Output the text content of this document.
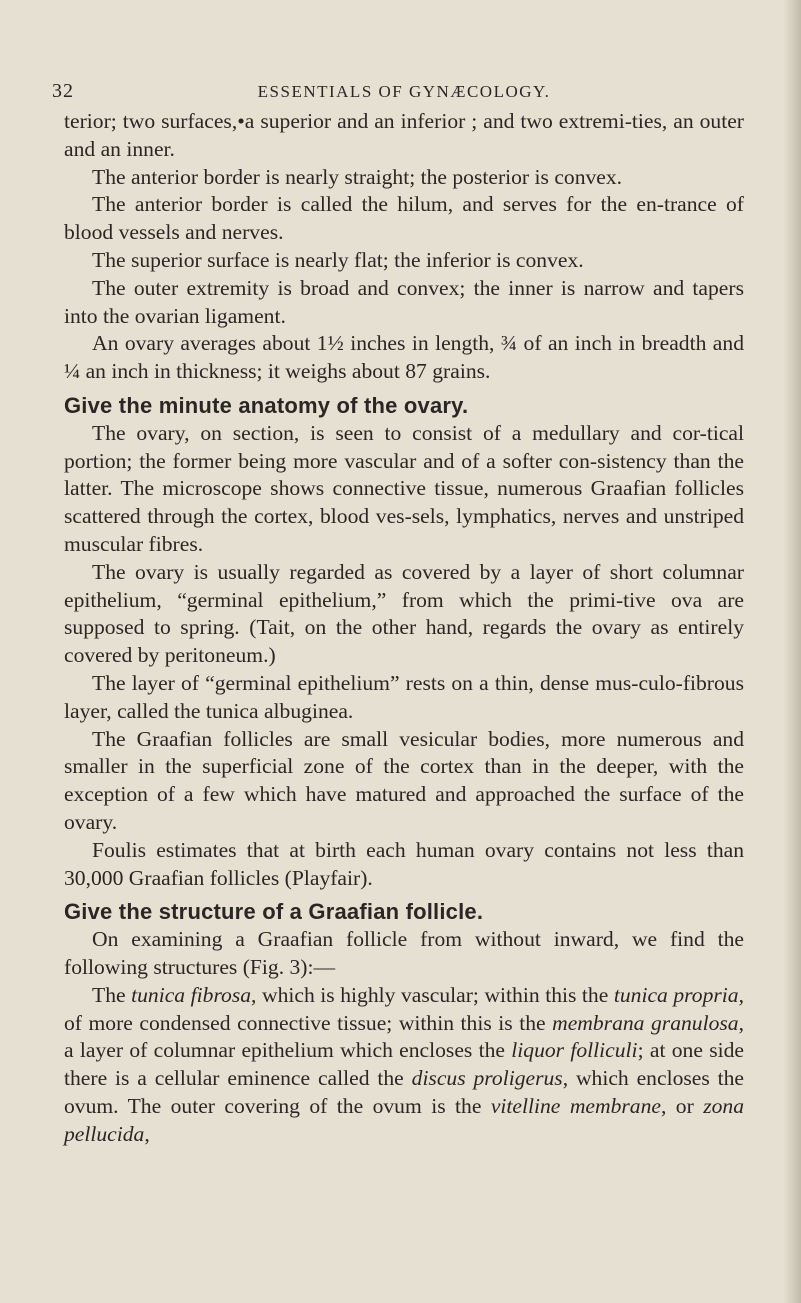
32	ESSENTIALS OF GYNÆCOLOGY.

terior; two surfaces,•a superior and an inferior ; and two extremi-ties, an outer and an inner.

The anterior border is nearly straight; the posterior is convex.

The anterior border is called the hilum, and serves for the en-trance of blood vessels and nerves.

The superior surface is nearly flat; the inferior is convex.

The outer extremity is broad and convex; the inner is narrow and tapers into the ovarian ligament.

An ovary averages about 1½ inches in length, ¾ of an inch in breadth and ¼ an inch in thickness; it weighs about 87 grains.

Give the minute anatomy of the ovary.

The ovary, on section, is seen to consist of a medullary and cor-tical portion; the former being more vascular and of a softer con-sistency than the latter. The microscope shows connective tissue, numerous Graafian follicles scattered through the cortex, blood ves-sels, lymphatics, nerves and unstriped muscular fibres.

The ovary is usually regarded as covered by a layer of short columnar epithelium, “germinal epithelium,” from which the primi-tive ova are supposed to spring. (Tait, on the other hand, regards the ovary as entirely covered by peritoneum.)

The layer of “germinal epithelium” rests on a thin, dense mus-culo-fibrous layer, called the tunica albuginea.

The Graafian follicles are small vesicular bodies, more numerous and smaller in the superficial zone of the cortex than in the deeper, with the exception of a few which have matured and approached the surface of the ovary.

Foulis estimates that at birth each human ovary contains not less than 30,000 Graafian follicles (Playfair).

Give the structure of a Graafian follicle.

On examining a Graafian follicle from without inward, we find the following structures (Fig. 3):—

The tunica fibrosa, which is highly vascular; within this the tunica propria, of more condensed connective tissue; within this is the membrana granulosa, a layer of columnar epithelium which encloses the liquor folliculi; at one side there is a cellular eminence called the discus proligerus, which encloses the ovum. The outer covering of the ovum is the vitelline membrane, or zona pellucida,
